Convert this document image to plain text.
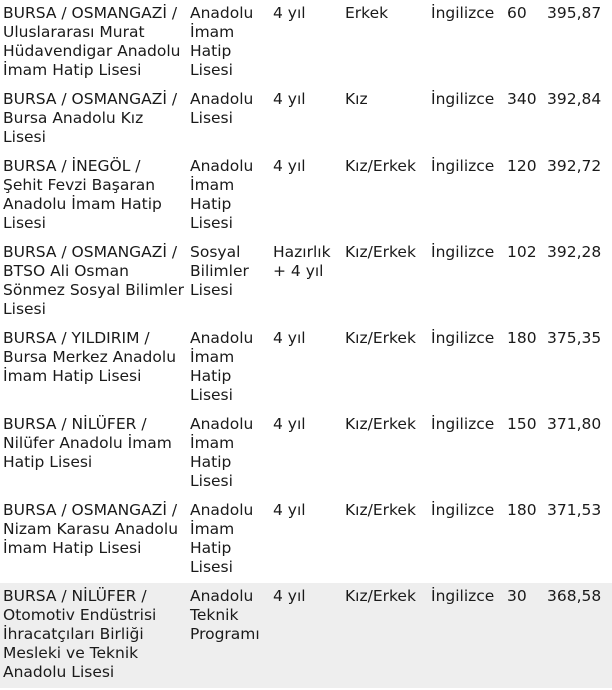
BURSA / OSMANGAZİ / Uluslararası Murat Hüdavendigar Anadolu İmam Hatip Lisesi	Anadolu İmam Hatip Lisesi	4 yıl	Erkek	İngilizce	60	395,87
BURSA / OSMANGAZİ / Bursa Anadolu Kız Lisesi	Anadolu Lisesi	4 yıl	Kız	İngilizce	340	392,84
BURSA / İNEGÖL / Şehit Fevzi Başaran Anadolu İmam Hatip Lisesi	Anadolu İmam Hatip Lisesi	4 yıl	Kız/Erkek	İngilizce	120	392,72
BURSA / OSMANGAZİ / BTSO Ali Osman Sönmez Sosyal Bilimler Lisesi	Sosyal Bilimler Lisesi	Hazırlık + 4 yıl	Kız/Erkek	İngilizce	102	392,28
BURSA / YILDIRIM / Bursa Merkez Anadolu İmam Hatip Lisesi	Anadolu İmam Hatip Lisesi	4 yıl	Kız/Erkek	İngilizce	180	375,35
BURSA / NİLÜFER / Nilüfer Anadolu İmam Hatip Lisesi	Anadolu İmam Hatip Lisesi	4 yıl	Kız/Erkek	İngilizce	150	371,80
BURSA / OSMANGAZİ / Nizam Karasu Anadolu İmam Hatip Lisesi	Anadolu İmam Hatip Lisesi	4 yıl	Kız/Erkek	İngilizce	180	371,53
BURSA / NİLÜFER / Otomotiv Endüstrisi İhracatçıları Birliği Mesleki ve Teknik Anadolu Lisesi	Anadolu Teknik Programı	4 yıl	Kız/Erkek	İngilizce	30	368,58
